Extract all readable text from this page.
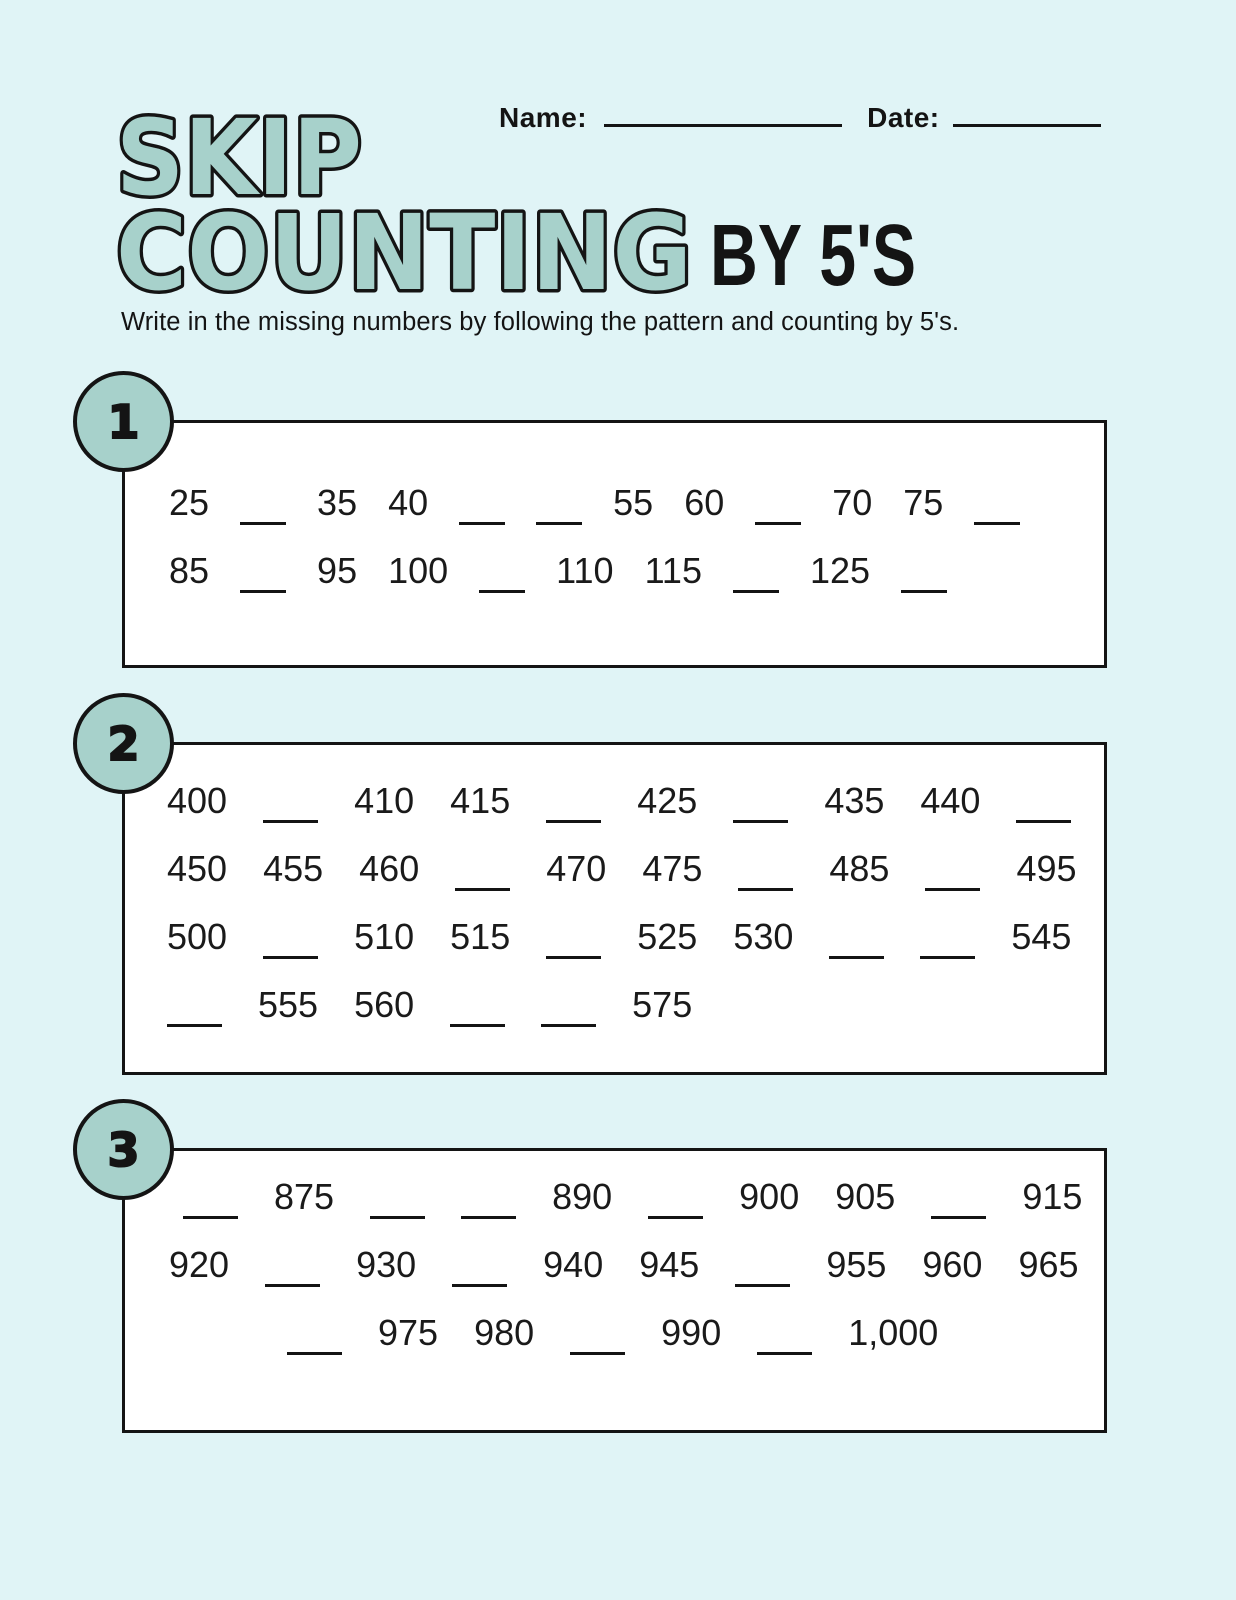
Name:	Date:
SKIP
COUNTING BY 5'S

Write in the missing numbers by following the pattern and counting by 5's.

1
25	35 40	55 60	70 75
85	95 100	110 115	125
2
400	410 415	425	435 440
450 455 460	470 475	485	495
500	510 515	525 530	545
555 560	575
3
875	890	900 905	915
920	930	940 945	955 960 965
975 980	990	1,000
